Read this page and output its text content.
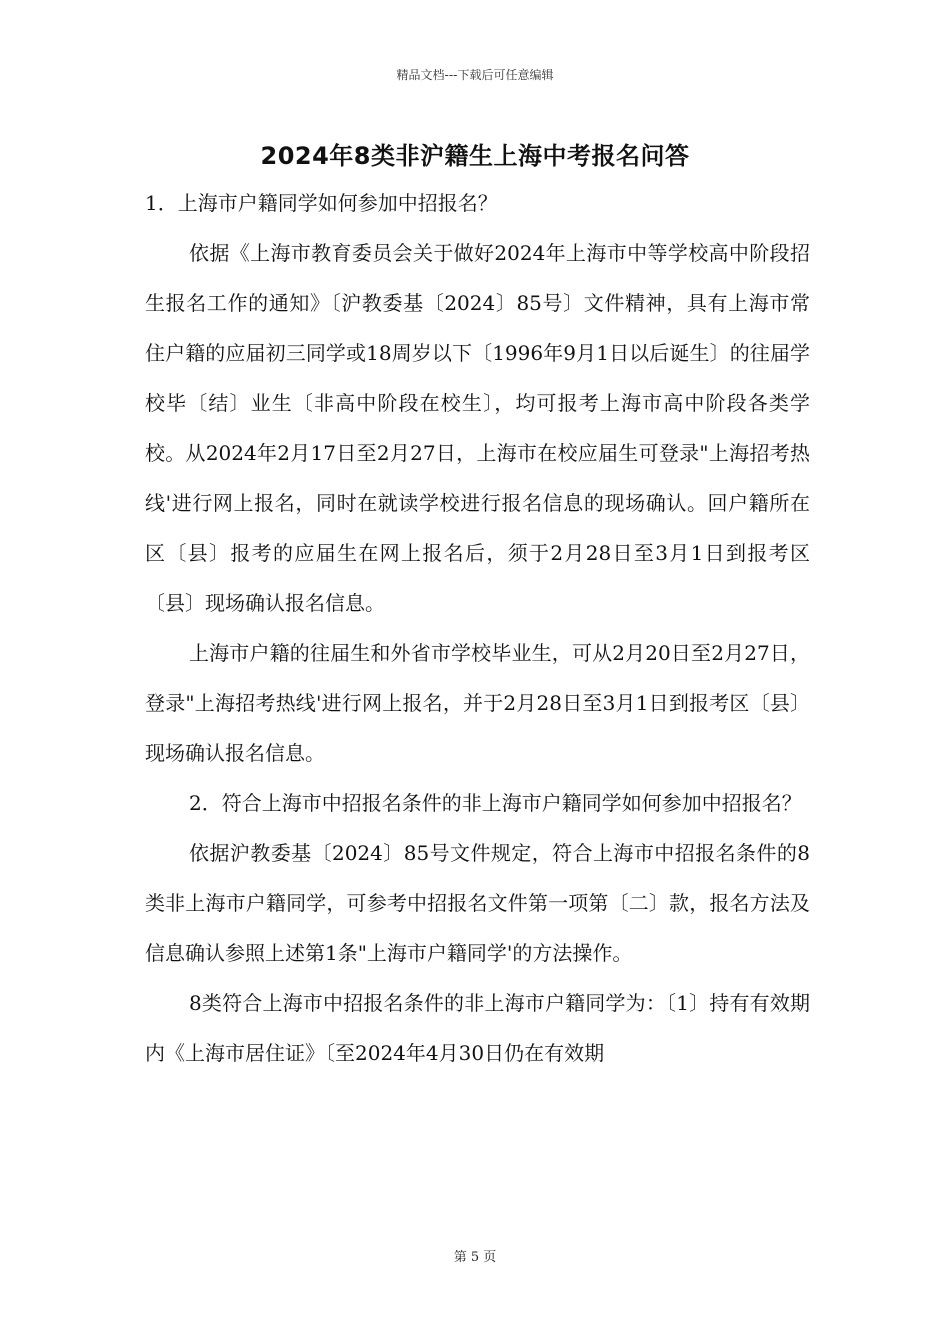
精品文档---下载后可任意编辑
2024年8类非沪籍生上海中考报名问答

1．上海市户籍同学如何参加中招报名？

依据《上海市教育委员会关于做好2024年上海市中等学校高中阶段招生报名工作的通知》〔沪教委基〔2024〕85号〕文件精神，具有上海市常住户籍的应届初三同学或18周岁以下〔1996年9月1日以后诞生〕的往届学校毕〔结〕业生〔非高中阶段在校生〕，均可报考上海市高中阶段各类学校。从2024年2月17日至2月27日，上海市在校应届生可登录"上海招考热线'进行网上报名，同时在就读学校进行报名信息的现场确认。回户籍所在区〔县〕报考的应届生在网上报名后，须于2月28日至3月1日到报考区〔县〕现场确认报名信息。

上海市户籍的往届生和外省市学校毕业生，可从2月20日至2月27日，登录"上海招考热线'进行网上报名，并于2月28日至3月1日到报考区〔县〕现场确认报名信息。

2．符合上海市中招报名条件的非上海市户籍同学如何参加中招报名？

依据沪教委基〔2024〕85号文件规定，符合上海市中招报名条件的8类非上海市户籍同学，可参考中招报名文件第一项第〔二〕款，报名方法及信息确认参照上述第1条"上海市户籍同学'的方法操作。

8类符合上海市中招报名条件的非上海市户籍同学为：〔1〕持有有效期内《上海市居住证》〔至2024年4月30日仍在有效期

第 5 页
